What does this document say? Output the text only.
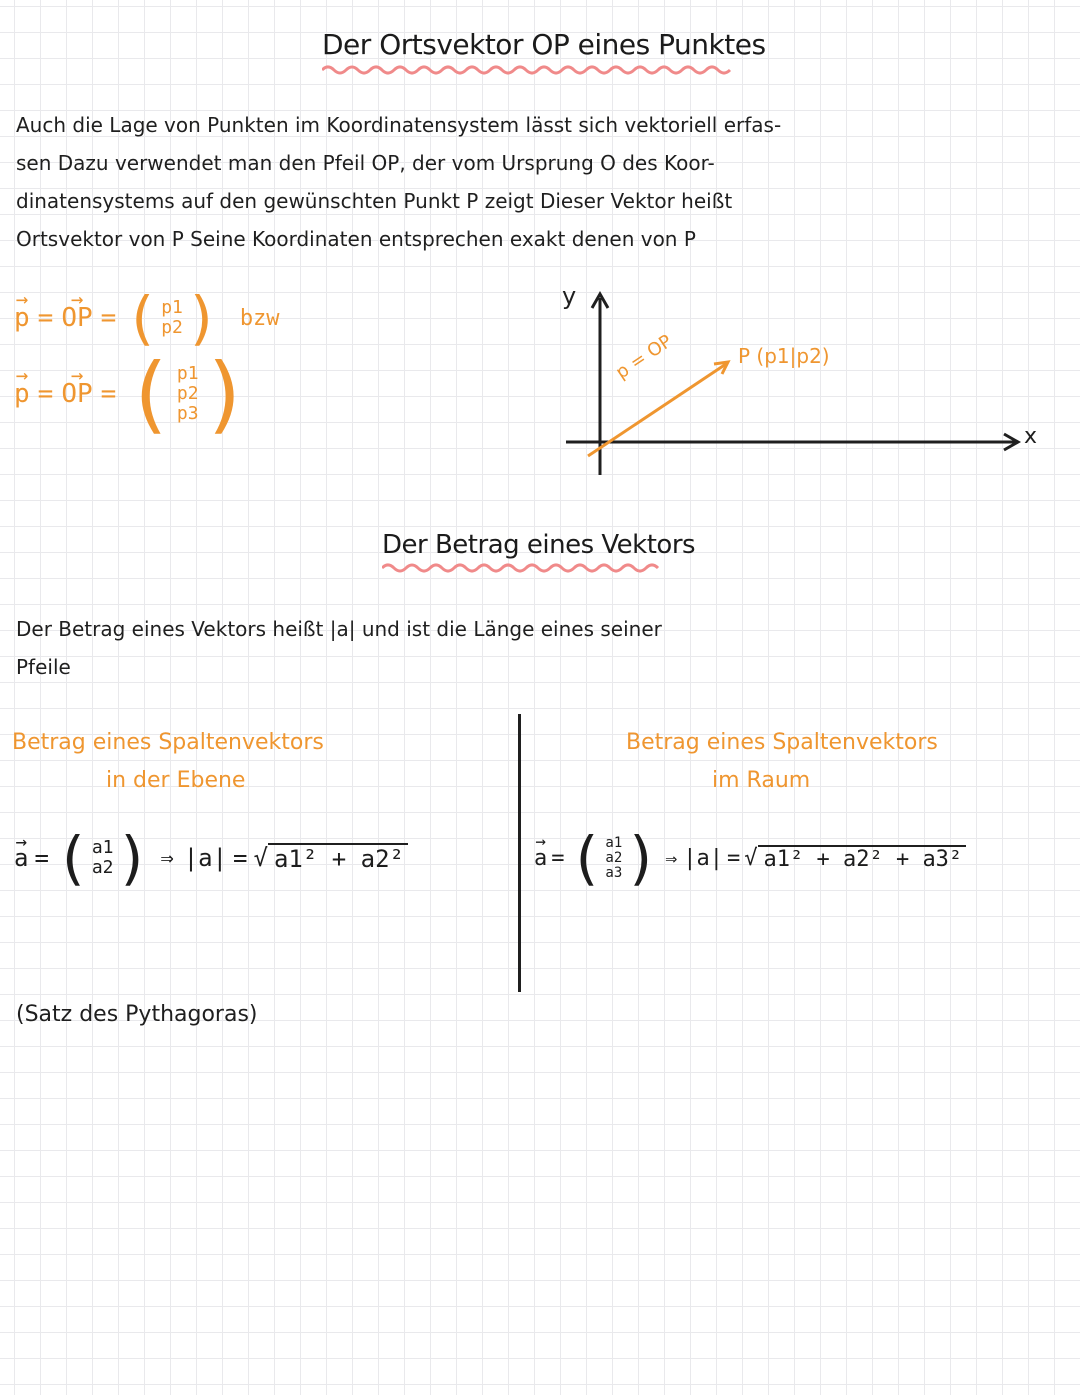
Der Ortsvektor OP eines Punktes
Auch die Lage von Punkten im Koordinatensystem lässt sich vektoriell erfas-
sen Dazu verwendet man den Pfeil OP, der vom Ursprung O des Koor-
dinatensystems auf den gewünschten Punkt P zeigt Dieser Vektor heißt
Ortsvektor von P Seine Koordinaten entsprechen exakt denen von P
→ p = → OP = ( p1
p2 ) bzw
→ p = → OP = ( p1
p2
p3 )
y
x
p = OP	P (p1|p2)
Der Betrag eines Vektors
Der Betrag eines Vektors heißt |a| und ist die Länge eines seiner
Pfeile
Betrag eines Spaltenvektors
in der Ebene
→ a = ( a1
a2 ) ⇒ |a| = √ a1² + a2²
Betrag eines Spaltenvektors
im Raum
→ a = ( a1
a2
a3 ) ⇒ |a| = √ a1² + a2² + a3²
(Satz des Pythagoras)
